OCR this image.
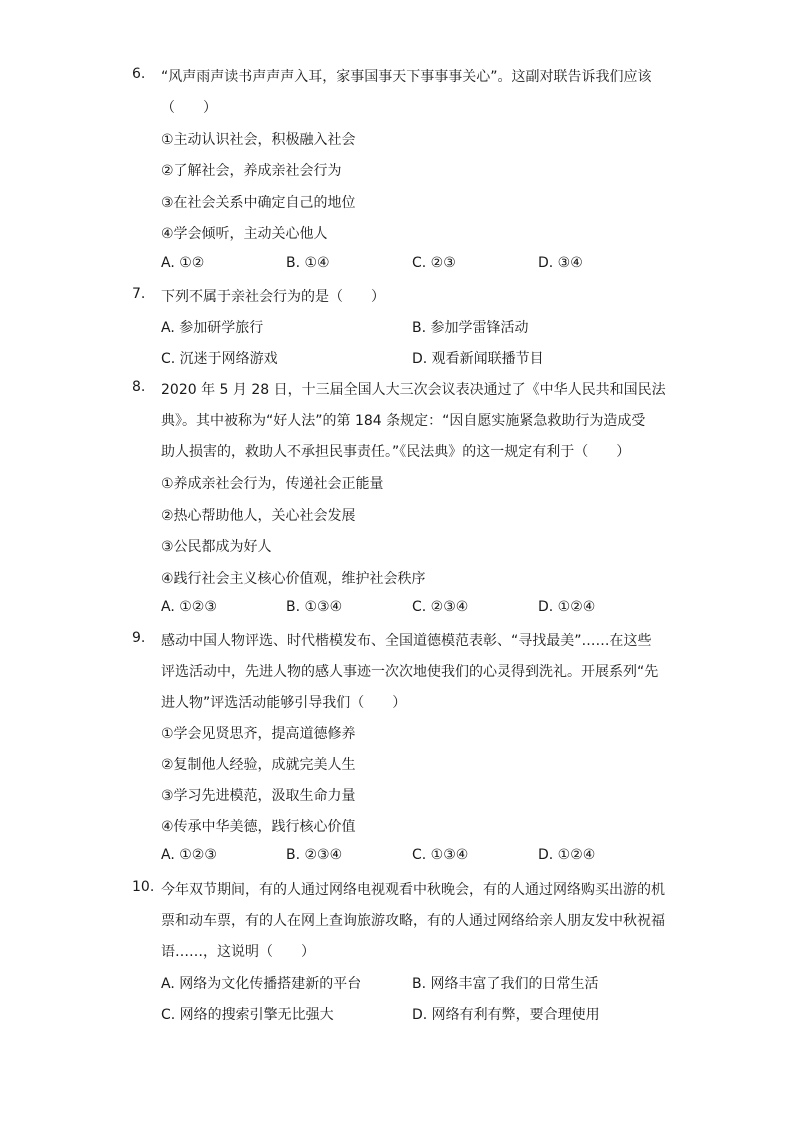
6.	“风声雨声读书声声声入耳，家事国事天下事事事关心”。这副对联告诉我们应该
（　　）
①主动认识社会，积极融入社会
②了解社会，养成亲社会行为
③在社会关系中确定自己的地位
④学会倾听，主动关心他人
A. ①②	B. ①④	C. ②③	D. ③④
7.	下列不属于亲社会行为的是（　　）
A. 参加研学旅行	B. 参加学雷锋活动
C. 沉迷于网络游戏	D. 观看新闻联播节目
8.	2020 年 5 月 28 日，十三届全国人大三次会议表决通过了《中华人民共和国民法
典》。其中被称为“好人法”的第 184 条规定：“因自愿实施紧急救助行为造成受
助人损害的，救助人不承担民事责任。”《民法典》的这一规定有利于（　　）
①养成亲社会行为，传递社会正能量
②热心帮助他人，关心社会发展
③公民都成为好人
④践行社会主义核心价值观，维护社会秩序
A. ①②③	B. ①③④	C. ②③④	D. ①②④
9.	感动中国人物评选、时代楷模发布、全国道德模范表彰、“寻找最美”……在这些
评选活动中，先进人物的感人事迹一次次地使我们的心灵得到洗礼。开展系列“先
进人物”评选活动能够引导我们（　　）
①学会见贤思齐，提高道德修养
②复制他人经验，成就完美人生
③学习先进模范，汲取生命力量
④传承中华美德，践行核心价值
A. ①②③	B. ②③④	C. ①③④	D. ①②④
10. 今年双节期间，有的人通过网络电视观看中秋晚会，有的人通过网络购买出游的机
票和动车票，有的人在网上查询旅游攻略，有的人通过网络给亲人朋友发中秋祝福
语……，这说明（　　）
A. 网络为文化传播搭建新的平台	B. 网络丰富了我们的日常生活
C. 网络的搜索引擎无比强大	D. 网络有利有弊，要合理使用
